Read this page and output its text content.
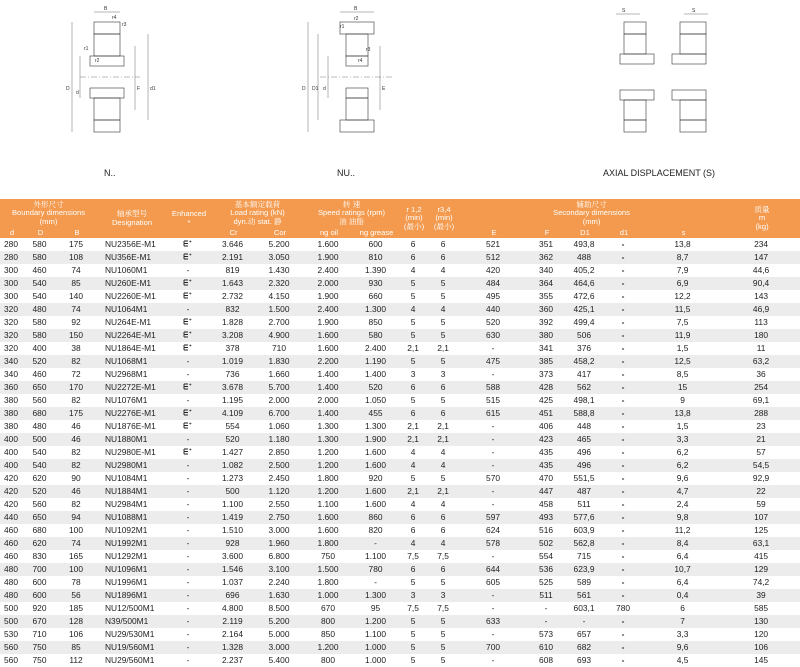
B
r4
r3
r1
r2
D
d
F d1
B
r2
r1
r3
r4
D D1 d	E
S	S
N..	NU..	AXIAL DISPLACEMENT (S)
外形尺寸
Boundary dimensions
(mm)			轴承型号
Designation	Enhanced
*	基本额定载荷
Load rating (kN)
dyn.动 stat. 静		转 速
Speed ratings (rpm)
油 油脂		r 1,2
(min)
(最小)	r3,4
(min)
(最小)	辅助尺寸
Secondary dimensions
(mm)					质量
m
(kg)
d	D	B			Cr	Cor	ng oil	ng grease			E	F	D1	d1	s	
280	580	175	NU2356E-M1		3.646	5.200	1.600	600	6	6	521	351	493,8	-	13,8	234
280	580	108	NU356E-M1		2.191	3.050	1.900	810	6	6	512	362	488	-	8,7	147
300	460	74	NU1060M1	-	819	1.430	2.400	1.390	4	4	420	340	405,2	-	7,9	44,6
300	540	85	NU260E-M1		1.643	2.320	2.000	930	5	5	484	364	464,6	-	6,9	90,4
300	540	140	NU2260E-M1		2.732	4.150	1.900	660	5	5	495	355	472,6	-	12,2	143
320	480	74	NU1064M1	-	832	1.500	2.400	1.300	4	4	440	360	425,1	-	11,5	46,9
320	580	92	NU264E-M1		1.828	2.700	1.900	850	5	5	520	392	499,4	-	7,5	113
320	580	150	NU2264E-M1		3.208	4.900	1.600	580	5	5	630	380	506	-	11,9	180
320	400	38	NU1864E-M1		378	710	1.600	2.400	2,1	2,1	-	341	376	-	1,5	11
340	520	82	NU1068M1	-	1.019	1.830	2.200	1.190	5	5	475	385	458,2	-	12,5	63,2
340	460	72	NU2968M1	-	736	1.660	1.400	1.400	3	3	-	373	417	-	8,5	36
360	650	170	NU2272E-M1		3.678	5.700	1.400	520	6	6	588	428	562	-	15	254
380	560	82	NU1076M1	-	1.195	2.000	2.000	1.050	5	5	515	425	498,1	-	9	69,1
380	680	175	NU2276E-M1		4.109	6.700	1.400	455	6	6	615	451	588,8	-	13,8	288
380	480	46	NU1876E-M1		554	1.060	1.300	1.300	2,1	2,1	-	406	448	-	1,5	23
400	500	46	NU1880M1	-	520	1.180	1.300	1.900	2,1	2,1	-	423	465	-	3,3	21
400	540	82	NU2980E-M1		1.427	2.850	1.200	1.600	4	4	-	435	496	-	6,2	57
400	540	82	NU2980M1	-	1.082	2.500	1.200	1.600	4	4	-	435	496	-	6,2	54,5
420	620	90	NU1084M1	-	1.273	2.450	1.800	920	5	5	570	470	551,5	-	9,6	92,9
420	520	46	NU1884M1	-	500	1.120	1.200	1.600	2,1	2,1	-	447	487	-	4,7	22
420	560	82	NU2984M1	-	1.100	2.550	1.100	1.600	4	4	-	458	511	-	2,4	59
440	650	94	NU1088M1	-	1.419	2.750	1.600	860	6	6	597	493	577,6	-	9,8	107
460	680	100	NU1092M1	-	1.510	3.000	1.600	820	6	6	624	516	603,9	-	11,2	125
460	620	74	NU1992M1	-	928	1.960	1.800	-	4	4	578	502	562,8	-	8,4	63,1
460	830	165	NU1292M1	-	3.600	6.800	750	1.100	7,5	7,5	-	554	715	-	6,4	415
480	700	100	NU1096M1	-	1.546	3.100	1.500	780	6	6	644	536	623,9	-	10,7	129
480	600	78	NU1996M1	-	1.037	2.240	1.800	-	5	5	605	525	589	-	6,4	74,2
480	600	56	NU1896M1	-	696	1.630	1.000	1.300	3	3	-	511	561	-	0,4	39
500	920	185	NU12/500M1	-	4.800	8.500	670	95	7,5	7,5	-	-	603,1	780	6	585
500	670	128	N39/500M1	-	2.119	5.200	800	1.200	5	5	633	-	-	-	7	130
530	710	106	NU29/530M1	-	2.164	5.000	850	1.100	5	5	-	573	657	-	3,3	120
560	750	85	NU19/560M1	-	1.328	3.000	1.200	1.000	5	5	700	610	682	-	9,6	106
560	750	112	NU29/560M1	-	2.237	5.400	800	1.000	5	5	-	608	693	-	4,5	145
